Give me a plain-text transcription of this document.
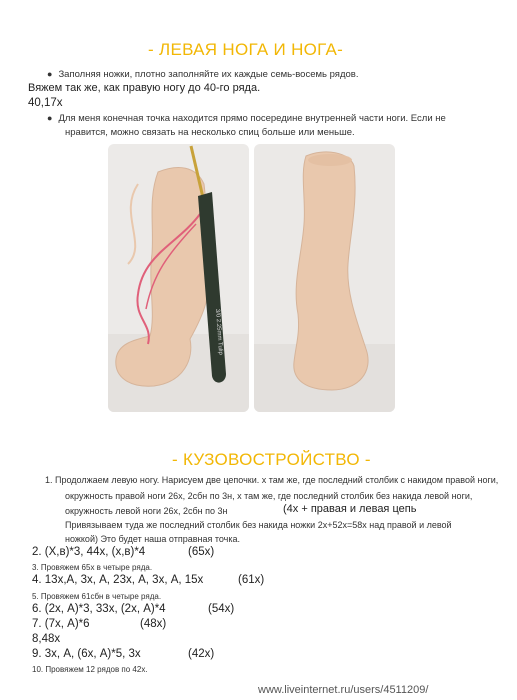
- ЛЕВАЯ НОГА И НОГА-
● Заполняя ножки, плотно заполняйте их каждые семь-восемь рядов.
Вяжем так же, как правую ногу до 40-го ряда.
40,17х
● Для меня конечная точка находится прямо посередине внутренней части ноги. Если не
нравится, можно связать на несколько спиц больше или меньше.
3/0 2.25mm Tulip
- КУЗОВОСТРОЙСТВО -
1. Продолжаем левую ногу. Нарисуем две цепочки. х там же, где последний столбик с накидом правой ноги,
окружность правой ноги 26х, 2сбн по 3н, х там же, где последний столбик без накида левой ноги,
окружность левой ноги 26х, 2сбн по 3н	(4х + правая и левая цепь
Привязываем туда же последний столбик без накида ножки 2х+52х=58х над правой и левой
ножкой) Это будет наша отправная точка.
2. (Х,в)*3, 44х, (х,в)*4	(65х)
3. Провяжем 65х в четыре ряда.
4. 13х,А, 3х, А, 23х, А, 3х, А, 15х	(61х)
5. Провяжем 61сбн в четыре ряда.
6. (2х, А)*3, 33х, (2х, А)*4	(54х)
7. (7х, А)*6	(48х)
8,48х
9. 3х, А, (6х, А)*5, 3х	(42х)
10. Провяжем 12 рядов по 42х.
www.liveinternet.ru/users/4511209/
